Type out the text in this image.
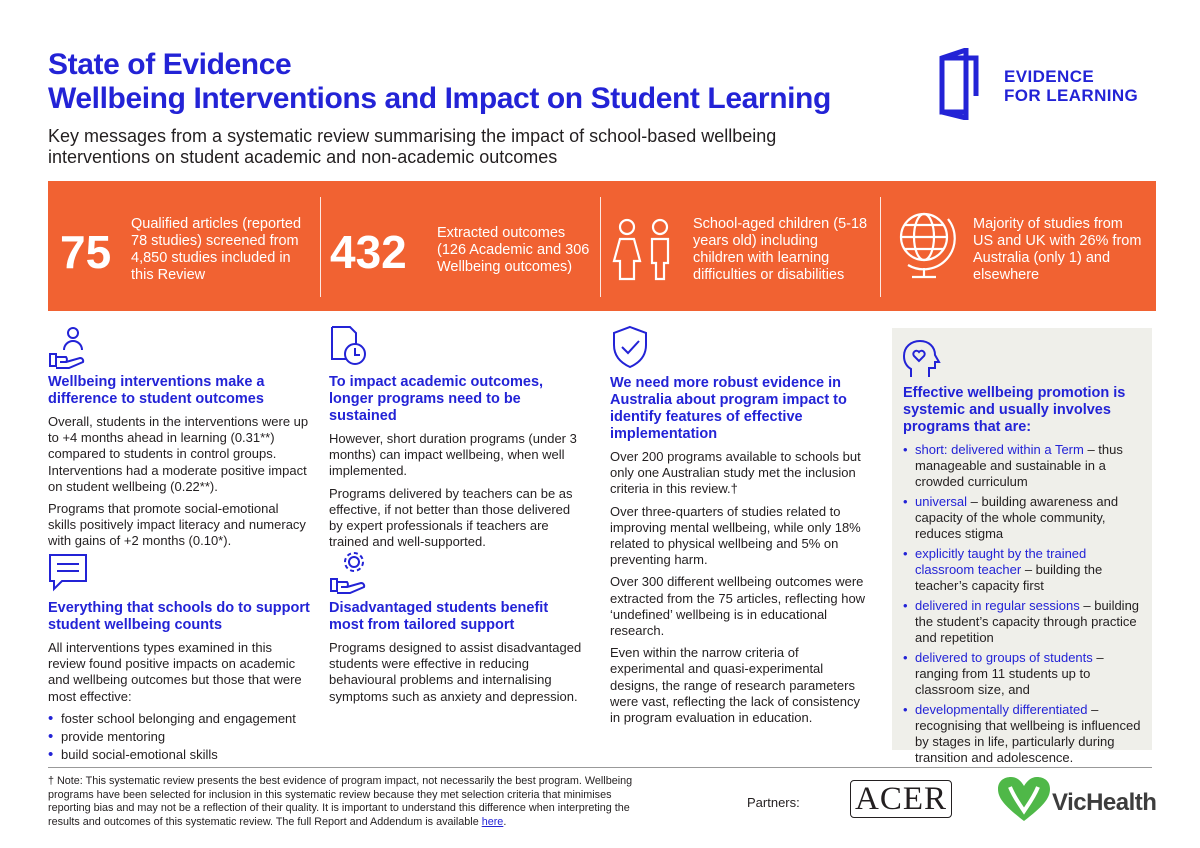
State of Evidence
Wellbeing Interventions and Impact on Student Learning
Key messages from a systematic review summarising the impact of school-based wellbeing interventions on student academic and non-academic outcomes
EVIDENCE
FOR LEARNING
75
Qualified articles (reported 78 studies) screened from 4,850 studies included in this Review	432 Extracted outcomes (126 Academic and 306 Wellbeing outcomes)
School-aged children (5-18 years old) including children with learning difficulties or disabilities
Majority of studies from US and UK with 26% from Australia (only 1) and elsewhere
Wellbeing interventions make a difference to student outcomes
Overall, students in the interventions were up to +4 months ahead in learning (0.31**) compared to students in control groups. Interventions had a moderate positive impact on student wellbeing (0.22**).
Programs that promote social-emotional skills positively impact literacy and numeracy with gains of +2 months (0.10*).
Everything that schools do to support student wellbeing counts
All interventions types examined in this review found positive impacts on academic and wellbeing outcomes but those that were most effective:
• foster school belonging and engagement
• provide mentoring
• build social-emotional skills
To impact academic outcomes, longer programs need to be sustained
However, short duration programs (under 3 months) can impact wellbeing, when well implemented.
Programs delivered by teachers can be as effective, if not better than those delivered by expert professionals if teachers are trained and well-supported.
Disadvantaged students benefit most from tailored support
Programs designed to assist disadvantaged students were effective in reducing behavioural problems and internalising symptoms such as anxiety and depression.
We need more robust evidence in Australia about program impact to identify features of effective implementation
Over 200 programs available to schools but only one Australian study met the inclusion criteria in this review.†
Over three-quarters of studies related to improving mental wellbeing, while only 18% related to physical wellbeing and 5% on preventing harm.
Over 300 different wellbeing outcomes were extracted from the 75 articles, reflecting how ‘undefined’ wellbeing is in educational research.
Even within the narrow criteria of experimental and quasi-experimental designs, the range of research parameters were vast, reflecting the lack of consistency in program evaluation in education.
Effective wellbeing promotion is systemic and usually involves programs that are:
• short: delivered within a Term – thus manageable and sustainable in a crowded curriculum
• universal – building awareness and capacity of the whole community, reduces stigma
• explicitly taught by the trained classroom teacher – building the teacher’s capacity first
• delivered in regular sessions – building the student’s capacity through practice and repetition
• delivered to groups of students – ranging from 11 students up to classroom size, and
• developmentally differentiated – recognising that wellbeing is influenced by stages in life, particularly during transition and adolescence.
† Note: This systematic review presents the best evidence of program impact, not necessarily the best program. Wellbeing programs have been selected for inclusion in this systematic review because they met selection criteria that minimises reporting bias and may not be a reflection of their quality. It is important to understand this difference when interpreting the results and outcomes of this systematic review. The full Report and Addendum is available here.
Partners: ACER	VicHealth
